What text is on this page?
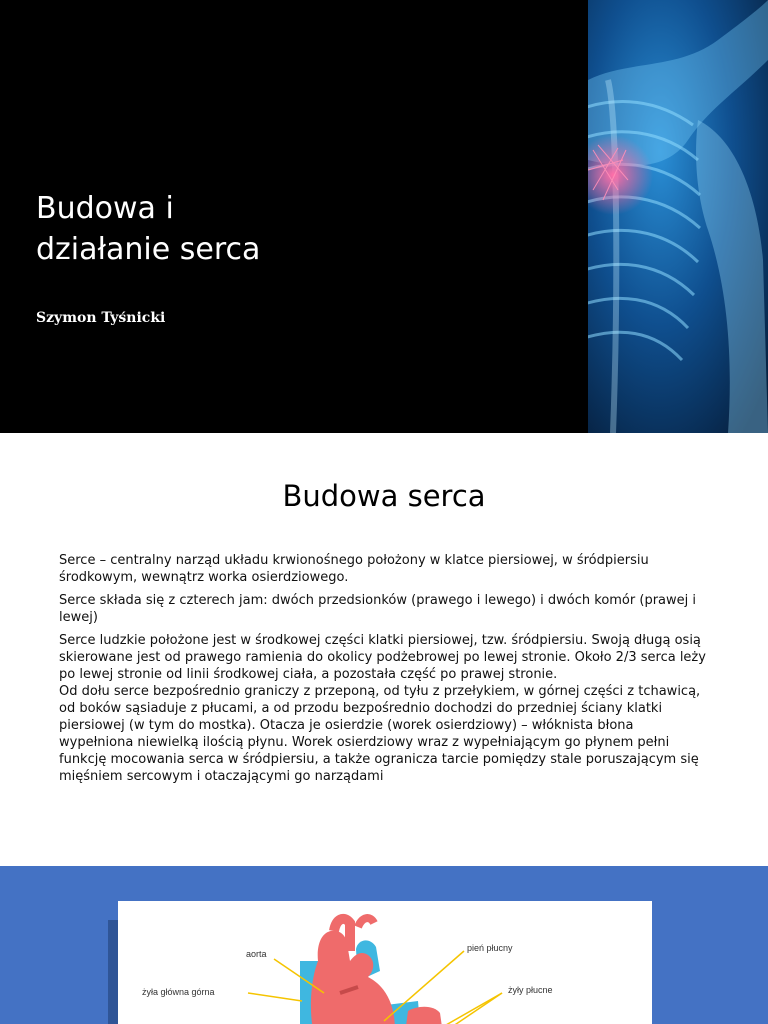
Budowa i
działanie serca
Szymon Tyśnicki
Budowa serca

Serce – centralny narząd układu krwionośnego położony w klatce piersiowej, w śródpiersiu środkowym, wewnątrz worka osierdziowego.

Serce składa się z czterech jam: dwóch przedsionków (prawego i lewego) i dwóch komór (prawej i lewej)

Serce ludzkie położone jest w środkowej części klatki piersiowej, tzw. śródpiersiu. Swoją długą osią skierowane jest od prawego ramienia do okolicy podżebrowej po lewej stronie. Około 2/3 serca leży po lewej stronie od linii środkowej ciała, a pozostała część po prawej stronie.

Od dołu serce bezpośrednio graniczy z przeponą, od tyłu z przełykiem, w górnej części z tchawicą, od boków sąsiaduje z płucami, a od przodu bezpośrednio dochodzi do przedniej ściany klatki piersiowej (w tym do mostka). Otacza je osierdzie (worek osierdziowy) – włóknista błona wypełniona niewielką ilością płynu. Worek osierdziowy wraz z wypełniającym go płynem pełni funkcję mocowania serca w śródpiersiu, a także ogranicza tarcie pomiędzy stale poruszającym się mięśniem sercowym i otaczającymi go narządami

aorta
pień płucny
żyła główna górna	żyły płucne
